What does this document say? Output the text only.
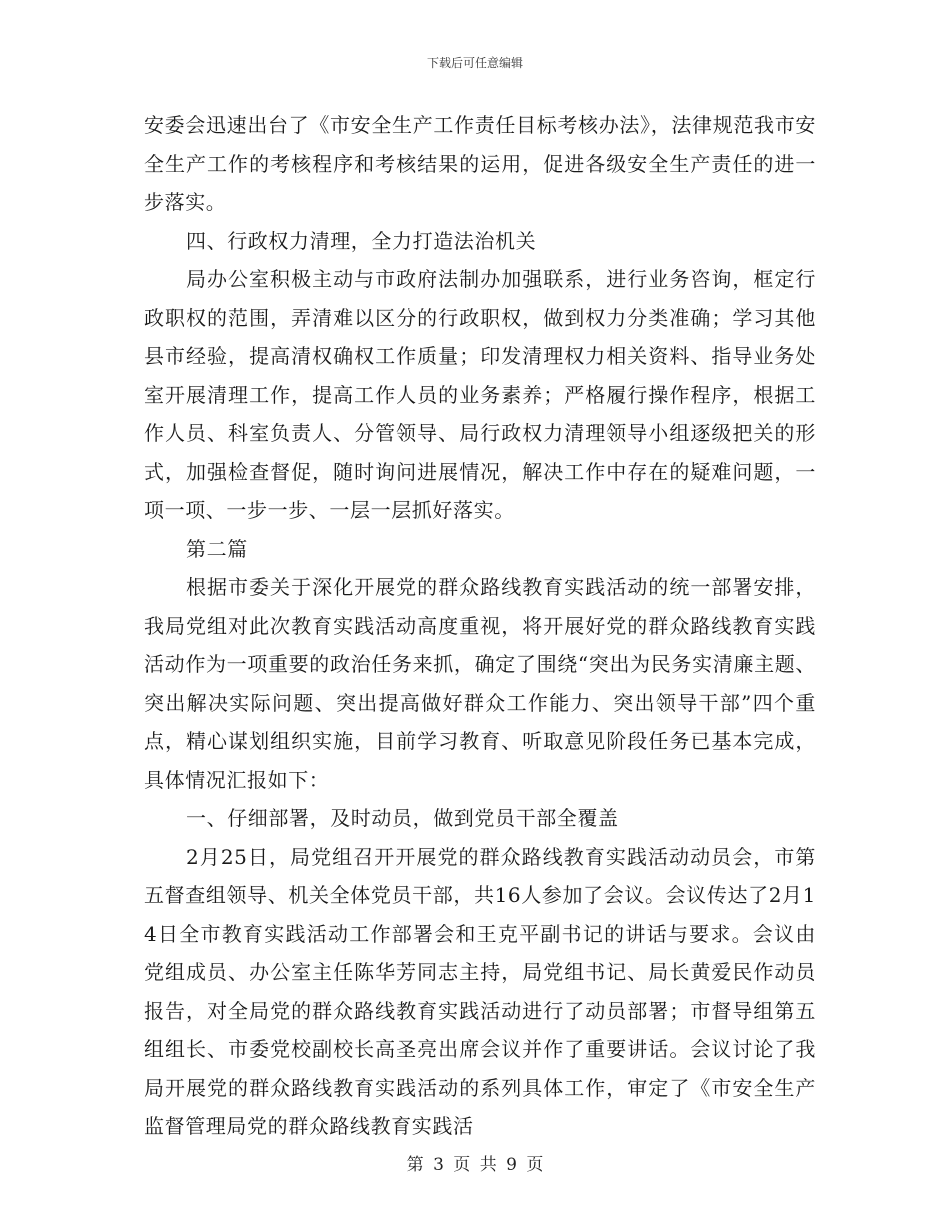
下载后可任意编辑

安委会迅速出台了《市安全生产工作责任目标考核办法》，法律规范我市安全生产工作的考核程序和考核结果的运用，促进各级安全生产责任的进一步落实。

四、行政权力清理，全力打造法治机关

局办公室积极主动与市政府法制办加强联系，进行业务咨询，框定行政职权的范围，弄清难以区分的行政职权，做到权力分类准确；学习其他县市经验，提高清权确权工作质量；印发清理权力相关资料、指导业务处室开展清理工作，提高工作人员的业务素养；严格履行操作程序，根据工作人员、科室负责人、分管领导、局行政权力清理领导小组逐级把关的形式，加强检查督促，随时询问进展情况，解决工作中存在的疑难问题，一项一项、一步一步、一层一层抓好落实。

第二篇

根据市委关于深化开展党的群众路线教育实践活动的统一部署安排，我局党组对此次教育实践活动高度重视，将开展好党的群众路线教育实践活动作为一项重要的政治任务来抓，确定了围绕“突出为民务实清廉主题、突出解决实际问题、突出提高做好群众工作能力、突出领导干部”四个重点，精心谋划组织实施，目前学习教育、听取意见阶段任务已基本完成，具体情况汇报如下：

一、仔细部署，及时动员，做到党员干部全覆盖

2月25日，局党组召开开展党的群众路线教育实践活动动员会，市第五督查组领导、机关全体党员干部，共16人参加了会议。会议传达了2月14日全市教育实践活动工作部署会和王克平副书记的讲话与要求。会议由党组成员、办公室主任陈华芳同志主持，局党组书记、局长黄爱民作动员报告，对全局党的群众路线教育实践活动进行了动员部署；市督导组第五组组长、市委党校副校长高圣亮出席会议并作了重要讲话。会议讨论了我局开展党的群众路线教育实践活动的系列具体工作，审定了《市安全生产监督管理局党的群众路线教育实践活

第 3 页 共 9 页
